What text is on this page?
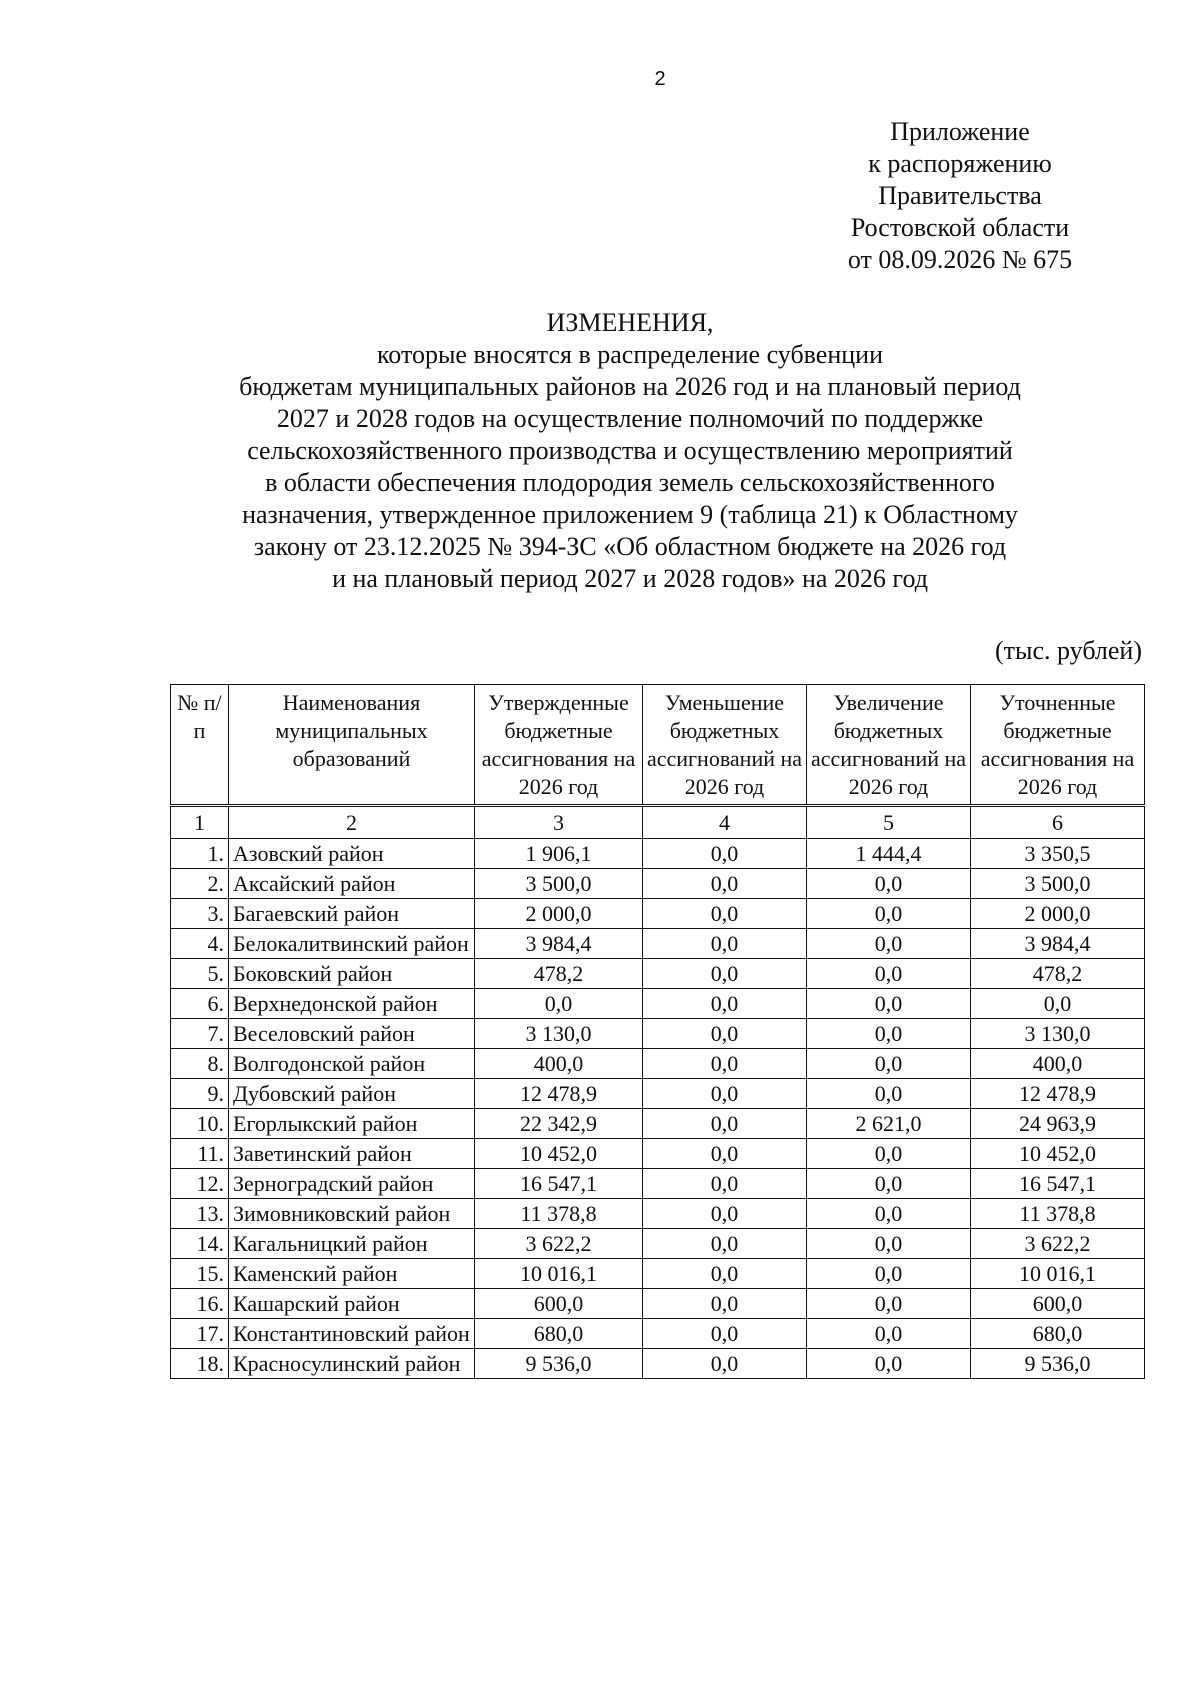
2
Приложение
к распоряжению
Правительства
Ростовской области
от 08.09.2026 № 675
ИЗМЕНЕНИЯ,
которые вносятся в распределение субвенции
бюджетам муниципальных районов на 2026 год и на плановый период
2027 и 2028 годов на осуществление полномочий по поддержке
сельскохозяйственного производства и осуществлению мероприятий
в области обеспечения плодородия земель сельскохозяйственного
назначения, утвержденное приложением 9 (таблица 21) к Областному
закону от 23.12.2025 № 394-ЗС «Об областном бюджете на 2026 год
и на плановый период 2027 и 2028 годов» на 2026 год
(тыс. рублей)
№ п/п	Наименования муниципальных образований	Утвержденные бюджетные ассигнования на 2026 год	Уменьшение бюджетных ассигнований на 2026 год	Увеличение бюджетных ассигнований на 2026 год	Уточненные бюджетные ассигнования на 2026 год
1	2	3	4	5	6
1.	Азовский район	1 906,1	0,0	1 444,4	3 350,5
2.	Аксайский район	3 500,0	0,0	0,0	3 500,0
3.	Багаевский район	2 000,0	0,0	0,0	2 000,0
4.	Белокалитвинский район	3 984,4	0,0	0,0	3 984,4
5.	Боковский район	478,2	0,0	0,0	478,2
6.	Верхнедонской район	0,0	0,0	0,0	0,0
7.	Веселовский район	3 130,0	0,0	0,0	3 130,0
8.	Волгодонской район	400,0	0,0	0,0	400,0
9.	Дубовский район	12 478,9	0,0	0,0	12 478,9
10.	Егорлыкский район	22 342,9	0,0	2 621,0	24 963,9
11.	Заветинский район	10 452,0	0,0	0,0	10 452,0
12.	Зерноградский район	16 547,1	0,0	0,0	16 547,1
13.	Зимовниковский район	11 378,8	0,0	0,0	11 378,8
14.	Кагальницкий район	3 622,2	0,0	0,0	3 622,2
15.	Каменский район	10 016,1	0,0	0,0	10 016,1
16.	Кашарский район	600,0	0,0	0,0	600,0
17.	Константиновский район	680,0	0,0	0,0	680,0
18.	Красносулинский район	9 536,0	0,0	0,0	9 536,0
